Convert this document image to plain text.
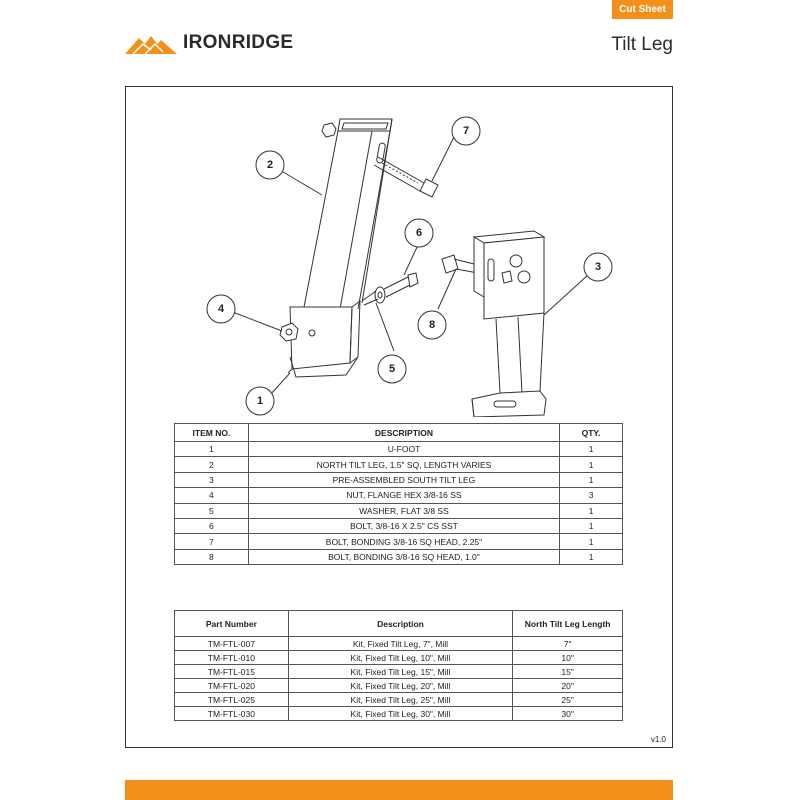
Cut Sheet
IRONRIDGE	Tilt Leg
1
2
3
4
5
6
7
8
ITEM NO.	DESCRIPTION	QTY.
1	U-FOOT	1
2	NORTH TILT LEG, 1.5" SQ, LENGTH VARIES	1
3	PRE-ASSEMBLED SOUTH TILT LEG	1
4	NUT, FLANGE HEX 3/8-16 SS	3
5	WASHER, FLAT 3/8 SS	1
6	BOLT, 3/8-16 X 2.5" CS SST	1
7	BOLT, BONDING 3/8-16 SQ HEAD, 2.25"	1
8	BOLT, BONDING 3/8-16 SQ HEAD, 1.0"	1
Part Number	Description	North Tilt Leg Length
TM-FTL-007	Kit, Fixed Tilt Leg, 7", Mill	7"
TM-FTL-010	Kit, Fixed Tilt Leg, 10", Mill	10"
TM-FTL-015	Kit, Fixed Tilt Leg, 15", Mill	15"
TM-FTL-020	Kit, Fixed Tilt Leg, 20", Mill	20"
TM-FTL-025	Kit, Fixed Tilt Leg, 25", Mill	25"
TM-FTL-030	Kit, Fixed Tilt Leg, 30", Mill	30"
v1.0
